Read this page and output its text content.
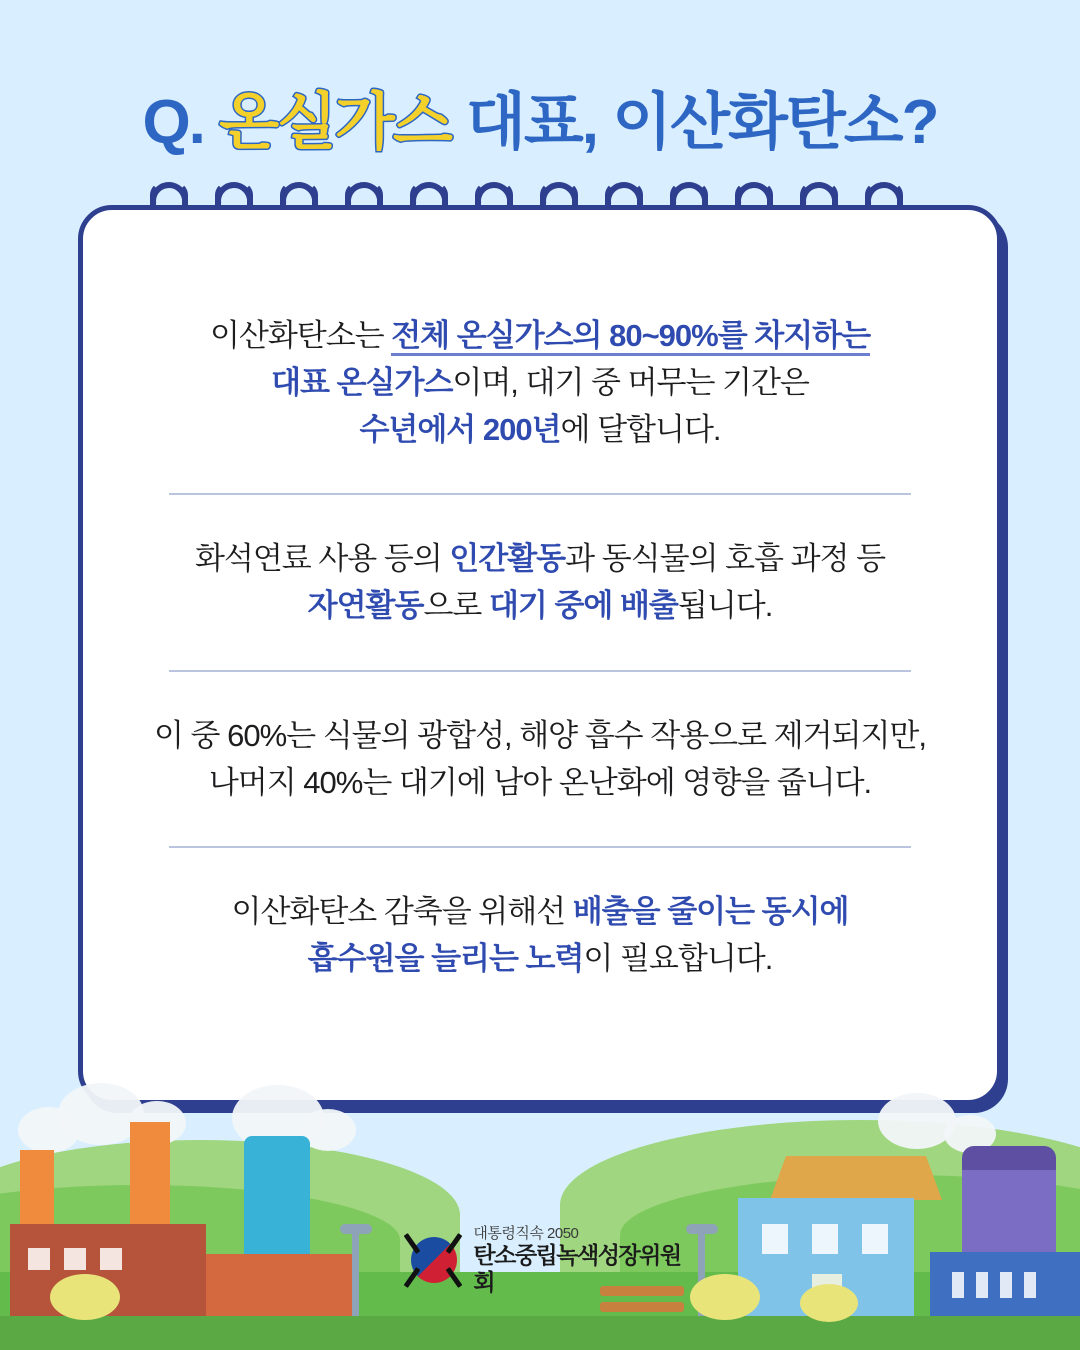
Q. 온실가스 대표, 이산화탄소?

이산화탄소는 전체 온실가스의 80~90%를 차지하는

대표 온실가스이며, 대기 중 머무는 기간은

수년에서 200년에 달합니다.

화석연료 사용 등의 인간활동과 동식물의 호흡 과정 등

자연활동으로 대기 중에 배출됩니다.

이 중 60%는 식물의 광합성, 해양 흡수 작용으로 제거되지만,

나머지 40%는 대기에 남아 온난화에 영향을 줍니다.

이산화탄소 감축을 위해선 배출을 줄이는 동시에

흡수원을 늘리는 노력이 필요합니다.

대통령직속 2050
탄소중립녹색성장위원회
